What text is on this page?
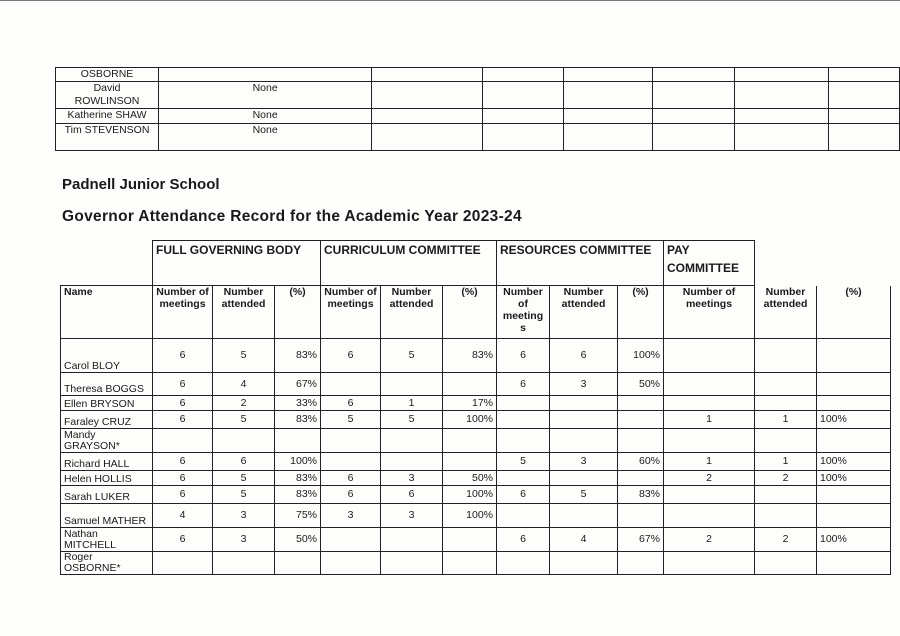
OSBORNE							
David ROWLINSON	None						
Katherine SHAW	None						
Tim STEVENSON	None						
Padnell Junior School
Governor Attendance Record for the Academic Year 2023-24
	FULL GOVERNING BODY			CURRICULUM COMMITTEE			RESOURCES COMMITTEE			PAY COMMITTEE		
Name	Number of meetings	Number attended	(%)	Number of meetings	Number attended	(%)	Number of meeting s	Number attended	(%)	Number of meetings	Number attended	(%)
Carol BLOY	6	5	83%	6	5	83%	6	6	100%			
Theresa BOGGS	6	4	67%				6	3	50%			
Ellen BRYSON	6	2	33%	6	1	17%						
Faraley CRUZ	6	5	83%	5	5	100%				1	1	100%
Mandy GRAYSON*												
Richard HALL	6	6	100%				5	3	60%	1	1	100%
Helen HOLLIS	6	5	83%	6	3	50%				2	2	100%
Sarah LUKER	6	5	83%	6	6	100%	6	5	83%			
Samuel MATHER	4	3	75%	3	3	100%						
Nathan MITCHELL	6	3	50%				6	4	67%	2	2	100%
Roger OSBORNE*												
